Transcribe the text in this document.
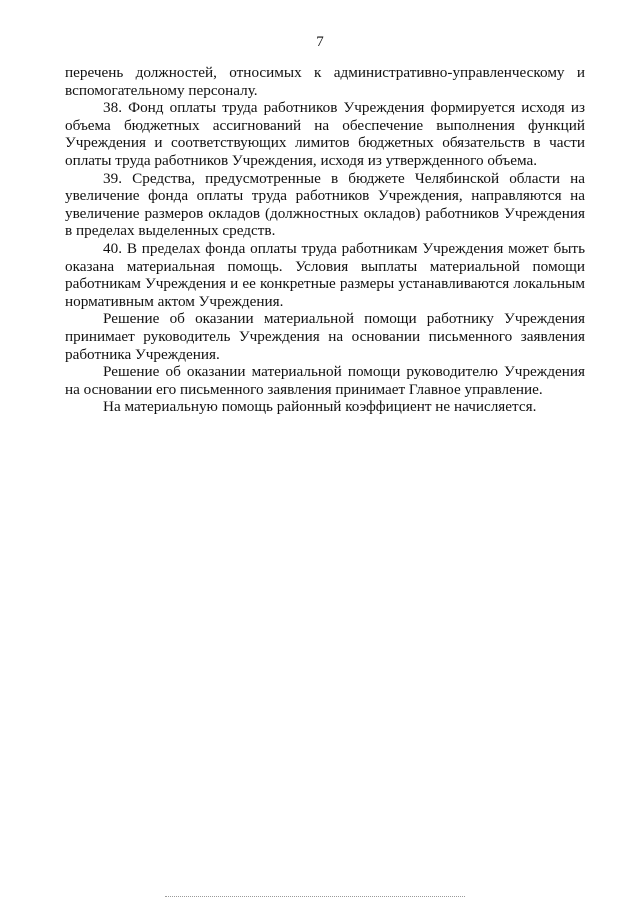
7

перечень должностей, относимых к административно-управленческому и вспомогательному персоналу.

38. Фонд оплаты труда работников Учреждения формируется исходя из объема бюджетных ассигнований на обеспечение выполнения функций Учреждения и соответствующих лимитов бюджетных обязательств в части оплаты труда работников Учреждения, исходя из утвержденного объема.

39. Средства, предусмотренные в бюджете Челябинской области на увеличение фонда оплаты труда работников Учреждения, направляются на увеличение размеров окладов (должностных окладов) работников Учреждения в пределах выделенных средств.

40. В пределах фонда оплаты труда работникам Учреждения может быть оказана материальная помощь. Условия выплаты материальной помощи работникам Учреждения и ее конкретные размеры устанавливаются локальным нормативным актом Учреждения.

Решение об оказании материальной помощи работнику Учреждения принимает руководитель Учреждения на основании письменного заявления работника Учреждения.

Решение об оказании материальной помощи руководителю Учреждения на основании его письменного заявления принимает Главное управление.

На материальную помощь районный коэффициент не начисляется.
